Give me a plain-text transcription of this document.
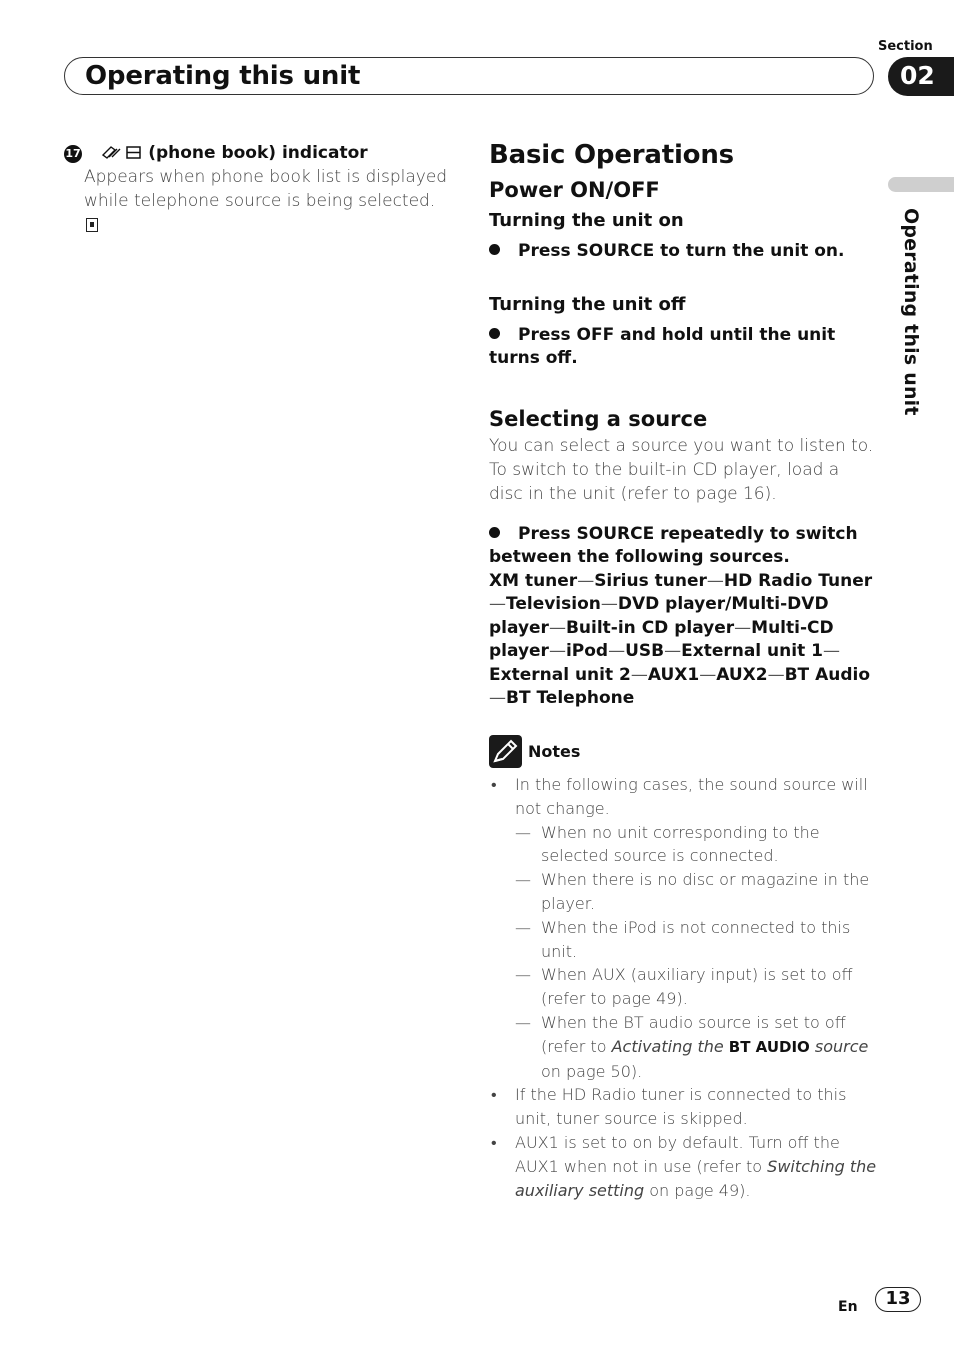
Section
Operating this unit	02
Operating this unit
17	(phone book) indicator
Appears when phone book list is displayed while telephone source is being selected.
Basic Operations
Power ON/OFF
Turning the unit on
Press SOURCE to turn the unit on.
Turning the unit off
Press OFF and hold until the unit turns off.
Selecting a source
You can select a source you want to listen to. To switch to the built-in CD player, load a disc in the unit (refer to page 16).
Press SOURCE repeatedly to switch between the following sources.
XM tuner—Sirius tuner—HD Radio Tuner—Television—DVD player/Multi-DVD player—Built-in CD player—Multi-CD player—iPod—USB—External unit 1—External unit 2—AUX1—AUX2—BT Audio—BT Telephone
Notes
• In the following cases, the sound source will not change.
— When no unit corresponding to the selected source is connected.
— When there is no disc or magazine in the player.
— When the iPod is not connected to this unit.
— When AUX (auxiliary input) is set to off (refer to page 49).
— When the BT audio source is set to off (refer to Activating the BT AUDIO source on page 50).
• If the HD Radio tuner is connected to this unit, tuner source is skipped.
• AUX1 is set to on by default. Turn off the AUX1 when not in use (refer to Switching the auxiliary setting on page 49).
En	13
